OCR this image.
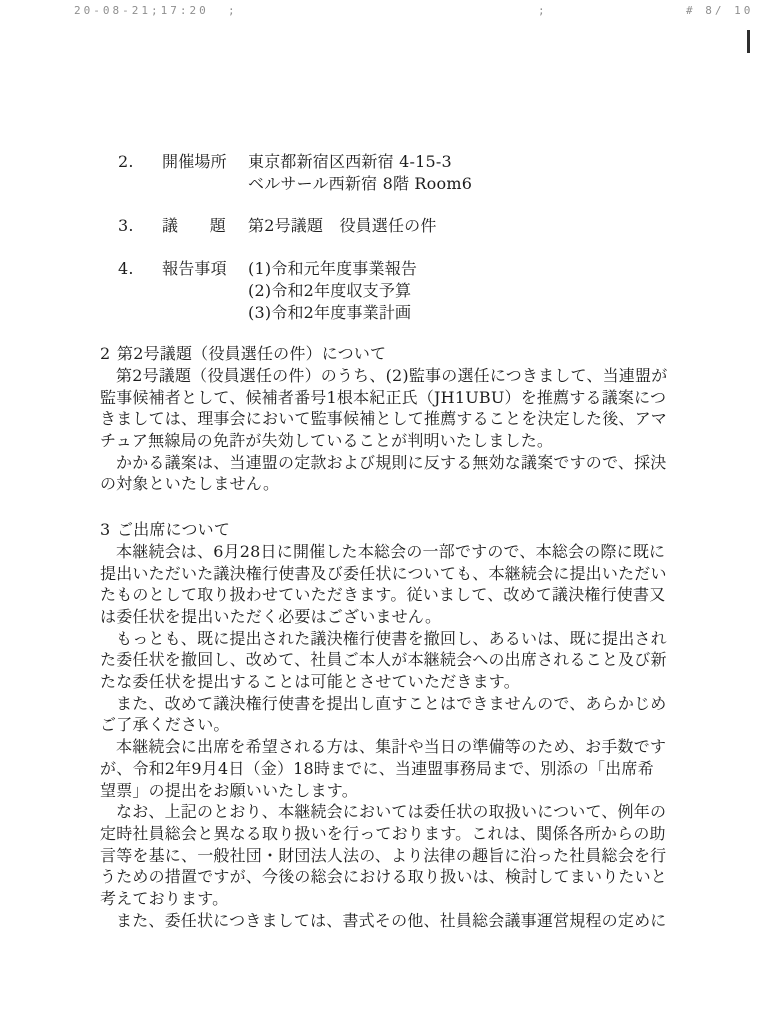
20-08-21;17:20  ;

	;

	# 8/ 10

2. 開催場所 東京都新宿区西新宿 4-15-3
ベルサール西新宿 8階 Room6
3. 議 題 第2号議題　役員選任の件
4. 報告事項 (1)令和元年度事業報告
(2)令和2年度収支予算
(3)令和2年度事業計画
2 第2号議題（役員選任の件）について
第2号議題（役員選任の件）のうち、(2)監事の選任につきまして、当連盟が
監事候補者として、候補者番号1根本紀正氏（JH1UBU）を推薦する議案につ
きましては、理事会において監事候補として推薦することを決定した後、アマ
チュア無線局の免許が失効していることが判明いたしました。
かかる議案は、当連盟の定款および規則に反する無効な議案ですので、採決
の対象といたしません。
3 ご出席について
本継続会は、6月28日に開催した本総会の一部ですので、本総会の際に既に
提出いただいた議決権行使書及び委任状についても、本継続会に提出いただい
たものとして取り扱わせていただきます。従いまして、改めて議決権行使書又
は委任状を提出いただく必要はございません。
もっとも、既に提出された議決権行使書を撤回し、あるいは、既に提出され
た委任状を撤回し、改めて、社員ご本人が本継続会への出席されること及び新
たな委任状を提出することは可能とさせていただきます。
また、改めて議決権行使書を提出し直すことはできませんので、あらかじめ
ご了承ください。
本継続会に出席を希望される方は、集計や当日の準備等のため、お手数です
が、令和2年9月4日（金）18時までに、当連盟事務局まで、別添の「出席希
望票」の提出をお願いいたします。
なお、上記のとおり、本継続会においては委任状の取扱いについて、例年の
定時社員総会と異なる取り扱いを行っております。これは、関係各所からの助
言等を基に、一般社団・財団法人法の、より法律の趣旨に沿った社員総会を行
うための措置ですが、今後の総会における取り扱いは、検討してまいりたいと
考えております。
また、委任状につきましては、書式その他、社員総会議事運営規程の定めに
